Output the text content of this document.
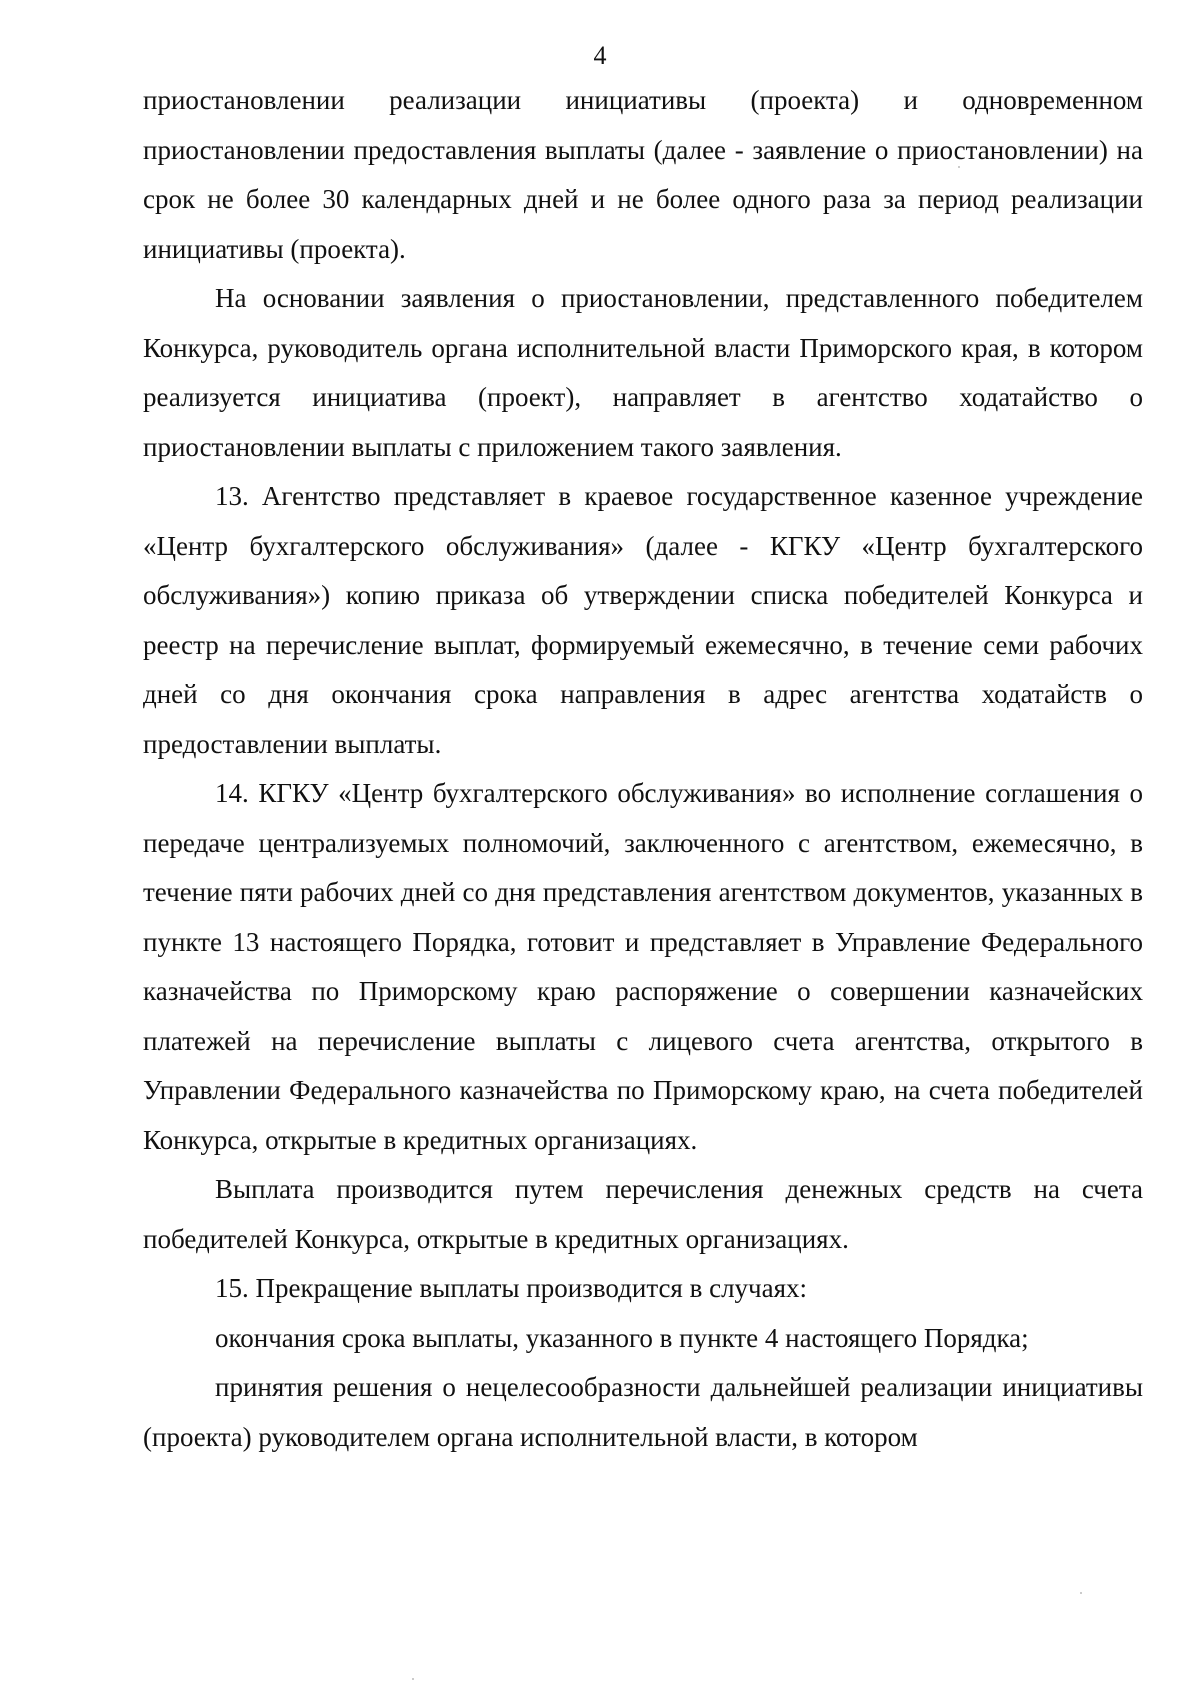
4

приостановлении реализации инициативы (проекта) и одновременном приостановлении предоставления выплаты (далее - заявление о приостановлении) на срок не более 30 календарных дней и не более одного раза за период реализации инициативы (проекта).

На основании заявления о приостановлении, представленного победителем Конкурса, руководитель органа исполнительной власти Приморского края, в котором реализуется инициатива (проект), направляет в агентство ходатайство о приостановлении выплаты с приложением такого заявления.

13. Агентство представляет в краевое государственное казенное учреждение «Центр бухгалтерского обслуживания» (далее - КГКУ «Центр бухгалтерского обслуживания») копию приказа об утверждении списка победителей Конкурса и реестр на перечисление выплат, формируемый ежемесячно, в течение семи рабочих дней со дня окончания срока направления в адрес агентства ходатайств о предоставлении выплаты.

14. КГКУ «Центр бухгалтерского обслуживания» во исполнение соглашения о передаче централизуемых полномочий, заключенного с агентством, ежемесячно, в течение пяти рабочих дней со дня представления агентством документов, указанных в пункте 13 настоящего Порядка, готовит и представляет в Управление Федерального казначейства по Приморскому краю распоряжение о совершении казначейских платежей на перечисление выплаты с лицевого счета агентства, открытого в Управлении Федерального казначейства по Приморскому краю, на счета победителей Конкурса, открытые в кредитных организациях.

Выплата производится путем перечисления денежных средств на счета победителей Конкурса, открытые в кредитных организациях.

15. Прекращение выплаты производится в случаях:

окончания срока выплаты, указанного в пункте 4 настоящего Порядка;

принятия решения о нецелесообразности дальнейшей реализации инициативы (проекта) руководителем органа исполнительной власти, в котором
